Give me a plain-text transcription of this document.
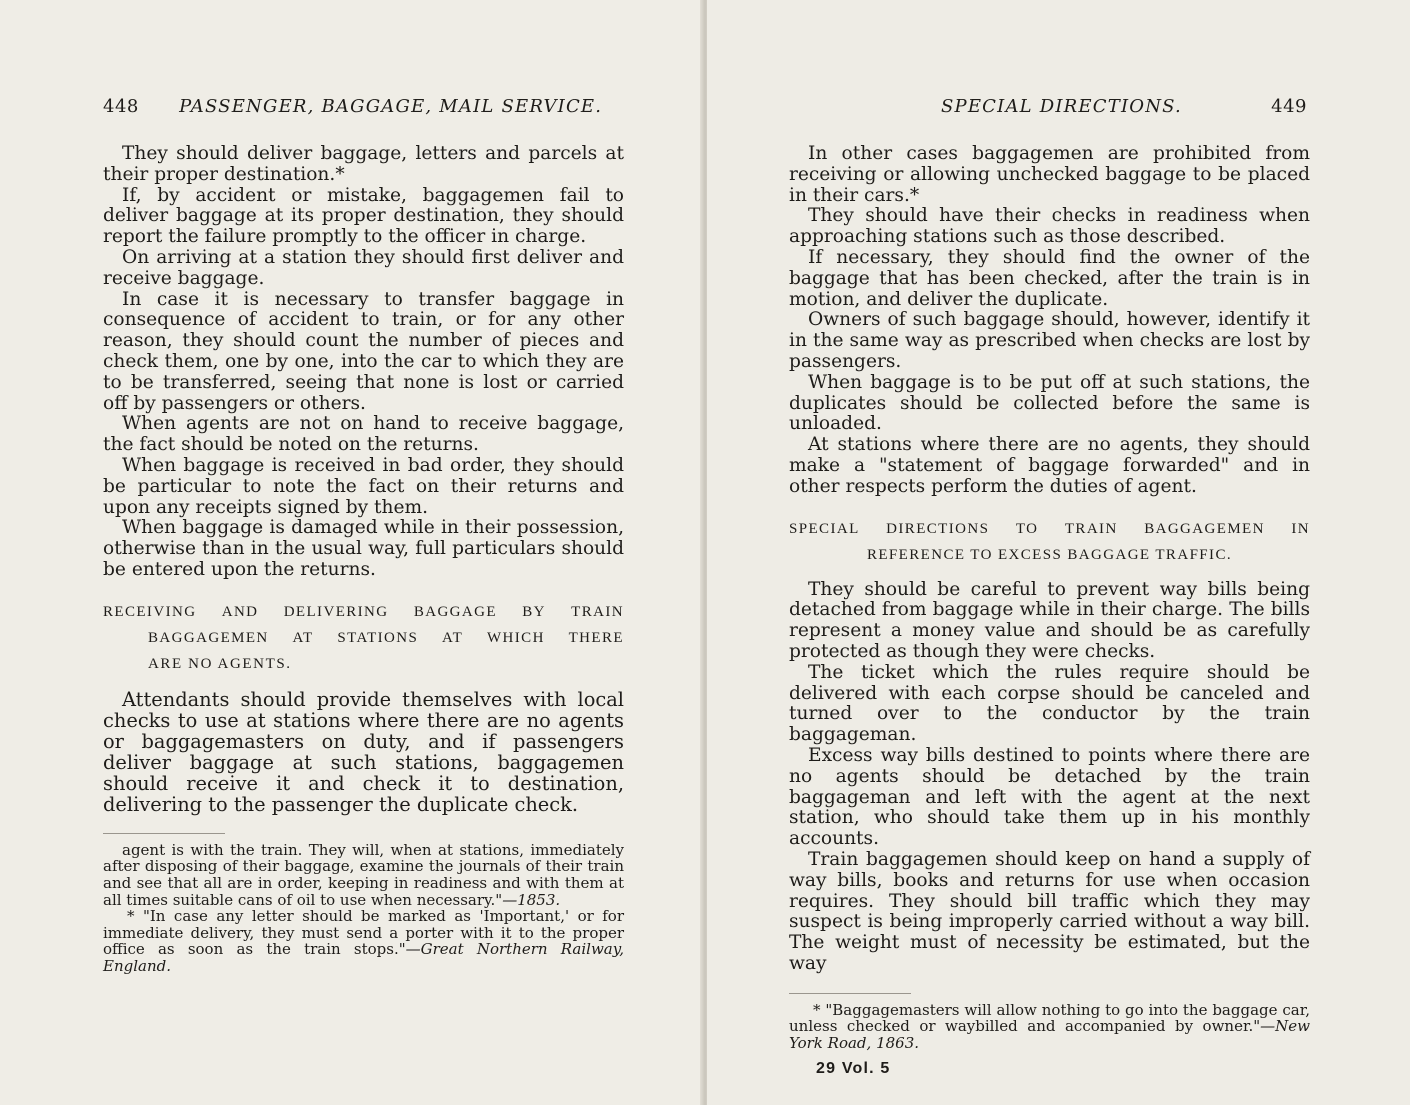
448 PASSENGER, BAGGAGE, MAIL SERVICE.

They should deliver baggage, letters and parcels at their proper destination.*

If, by accident or mistake, baggagemen fail to deliver baggage at its proper destination, they should report the failure promptly to the officer in charge.

On arriving at a station they should first deliver and receive baggage.

In case it is necessary to transfer baggage in consequence of accident to train, or for any other reason, they should count the number of pieces and check them, one by one, into the car to which they are to be transferred, seeing that none is lost or carried off by passengers or others.

When agents are not on hand to receive baggage, the fact should be noted on the returns.

When baggage is received in bad order, they should be particular to note the fact on their returns and upon any receipts signed by them.

When baggage is damaged while in their possession, otherwise than in the usual way, full particulars should be entered upon the returns.

RECEIVING AND DELIVERING BAGGAGE BY TRAIN
BAGGAGEMEN AT STATIONS AT WHICH THERE
ARE NO AGENTS.

Attendants should provide themselves with local checks to use at stations where there are no agents or baggagemasters on duty, and if passengers deliver baggage at such stations, baggagemen should receive it and check it to destination, delivering to the passenger the duplicate check.

agent is with the train. They will, when at stations, immediately after disposing of their baggage, examine the journals of their train and see that all are in order, keeping in readiness and with them at all times suitable cans of oil to use when necessary."—1853.

* "In case any letter should be marked as 'Important,' or for immediate delivery, they must send a porter with it to the proper office as soon as the train stops."—Great Northern Railway, England.

SPECIAL DIRECTIONS.	449

In other cases baggagemen are prohibited from receiving or allowing unchecked baggage to be placed in their cars.*

They should have their checks in readiness when approaching stations such as those described.

If necessary, they should find the owner of the baggage that has been checked, after the train is in motion, and deliver the duplicate.

Owners of such baggage should, however, identify it in the same way as prescribed when checks are lost by passengers.

When baggage is to be put off at such stations, the duplicates should be collected before the same is unloaded.

At stations where there are no agents, they should make a "statement of baggage forwarded" and in other respects perform the duties of agent.

SPECIAL DIRECTIONS TO TRAIN BAGGAGEMEN IN
REFERENCE TO EXCESS BAGGAGE TRAFFIC.

They should be careful to prevent way bills being detached from baggage while in their charge. The bills represent a money value and should be as carefully protected as though they were checks.

The ticket which the rules require should be delivered with each corpse should be canceled and turned over to the conductor by the train baggageman.

Excess way bills destined to points where there are no agents should be detached by the train baggageman and left with the agent at the next station, who should take them up in his monthly accounts.

Train baggagemen should keep on hand a supply of way bills, books and returns for use when occasion requires. They should bill traffic which they may suspect is being improperly carried without a way bill. The weight must of necessity be estimated, but the way

* "Baggagemasters will allow nothing to go into the baggage car, unless checked or waybilled and accompanied by owner."—New York Road, 1863.

29 Vol. 5
